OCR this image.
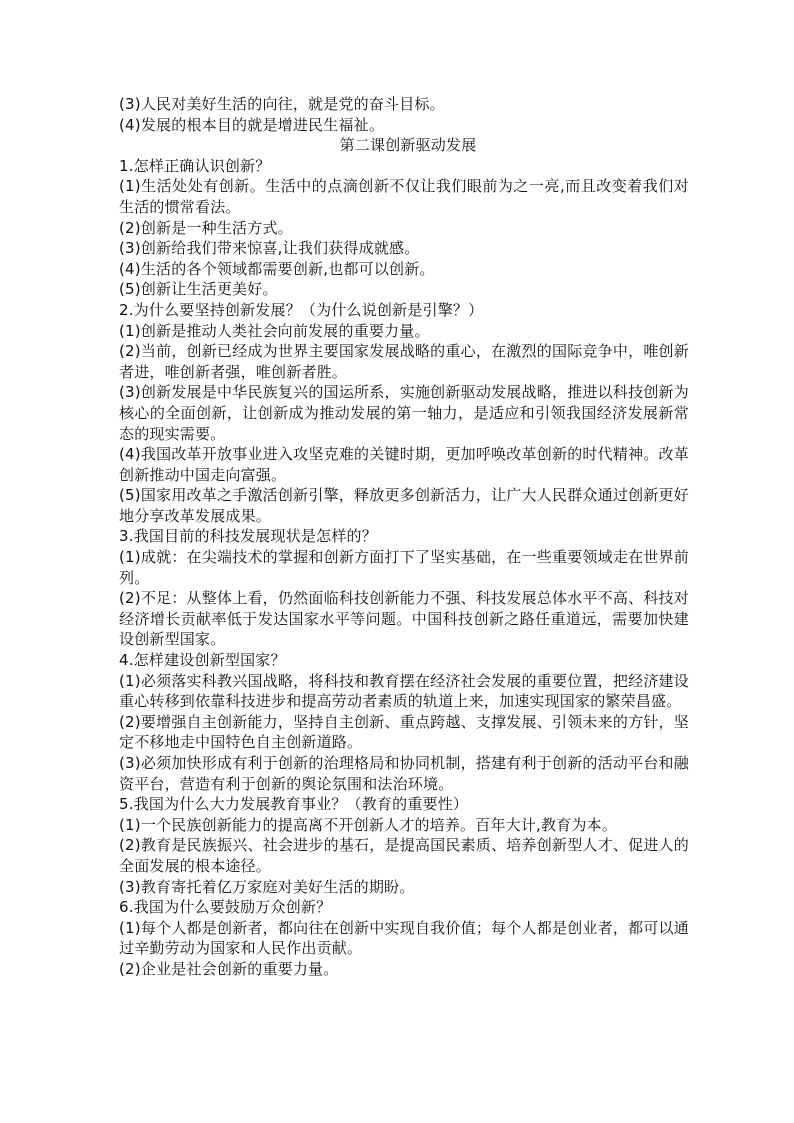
(3)人民对美好生活的向往，就是党的奋斗目标。
(4)发展的根本目的就是增进民生福祉。
第二课创新驱动发展
1.怎样正确认识创新？
(1)生活处处有创新。生活中的点滴创新不仅让我们眼前为之一亮,而且改变着我们对生活的惯常看法。
(2)创新是一种生活方式。
(3)创新给我们带来惊喜,让我们获得成就感。
(4)生活的各个领域都需要创新,也都可以创新。
(5)创新让生活更美好。
2.为什么要坚持创新发展？（为什么说创新是引擎？）
(1)创新是推动人类社会向前发展的重要力量。
(2)当前，创新已经成为世界主要国家发展战略的重心，在激烈的国际竞争中，唯创新者进，唯创新者强，唯创新者胜。
(3)创新发展是中华民族复兴的国运所系，实施创新驱动发展战略，推进以科技创新为核心的全面创新，让创新成为推动发展的第一轴力，是适应和引领我国经济发展新常态的现实需要。
(4)我国改革开放事业进入攻坚克难的关键时期，更加呼唤改革创新的时代精神。改革创新推动中国走向富强。
(5)国家用改革之手激活创新引擎，释放更多创新活力，让广大人民群众通过创新更好地分享改革发展成果。
3.我国目前的科技发展现状是怎样的？
(1)成就：在尖端技术的掌握和创新方面打下了坚实基础，在一些重要领域走在世界前列。
(2)不足：从整体上看，仍然面临科技创新能力不强、科技发展总体水平不高、科技对经济增长贡献率低于发达国家水平等问题。中国科技创新之路任重道远，需要加快建设创新型国家。
4.怎样建设创新型国家？
(1)必须落实科教兴国战略，将科技和教育摆在经济社会发展的重要位置，把经济建设重心转移到依靠科技进步和提高劳动者素质的轨道上来，加速实现国家的繁荣昌盛。
(2)要增强自主创新能力，坚持自主创新、重点跨越、支撑发展、引领未来的方针，坚定不移地走中国特色自主创新道路。
(3)必须加快形成有利于创新的治理格局和协同机制，搭建有利于创新的活动平台和融资平台，营造有利于创新的舆论氛围和法治环境。
5.我国为什么大力发展教育事业？（教育的重要性）
(1)一个民族创新能力的提高离不开创新人才的培养。百年大计,教育为本。
(2)教育是民族振兴、社会进步的基石，是提高国民素质、培养创新型人才、促进人的全面发展的根本途径。
(3)教育寄托着亿万家庭对美好生活的期盼。
6.我国为什么要鼓励万众创新？
(1)每个人都是创新者，都向往在创新中实现自我价值；每个人都是创业者，都可以通过辛勤劳动为国家和人民作出贡献。
(2)企业是社会创新的重要力量。
